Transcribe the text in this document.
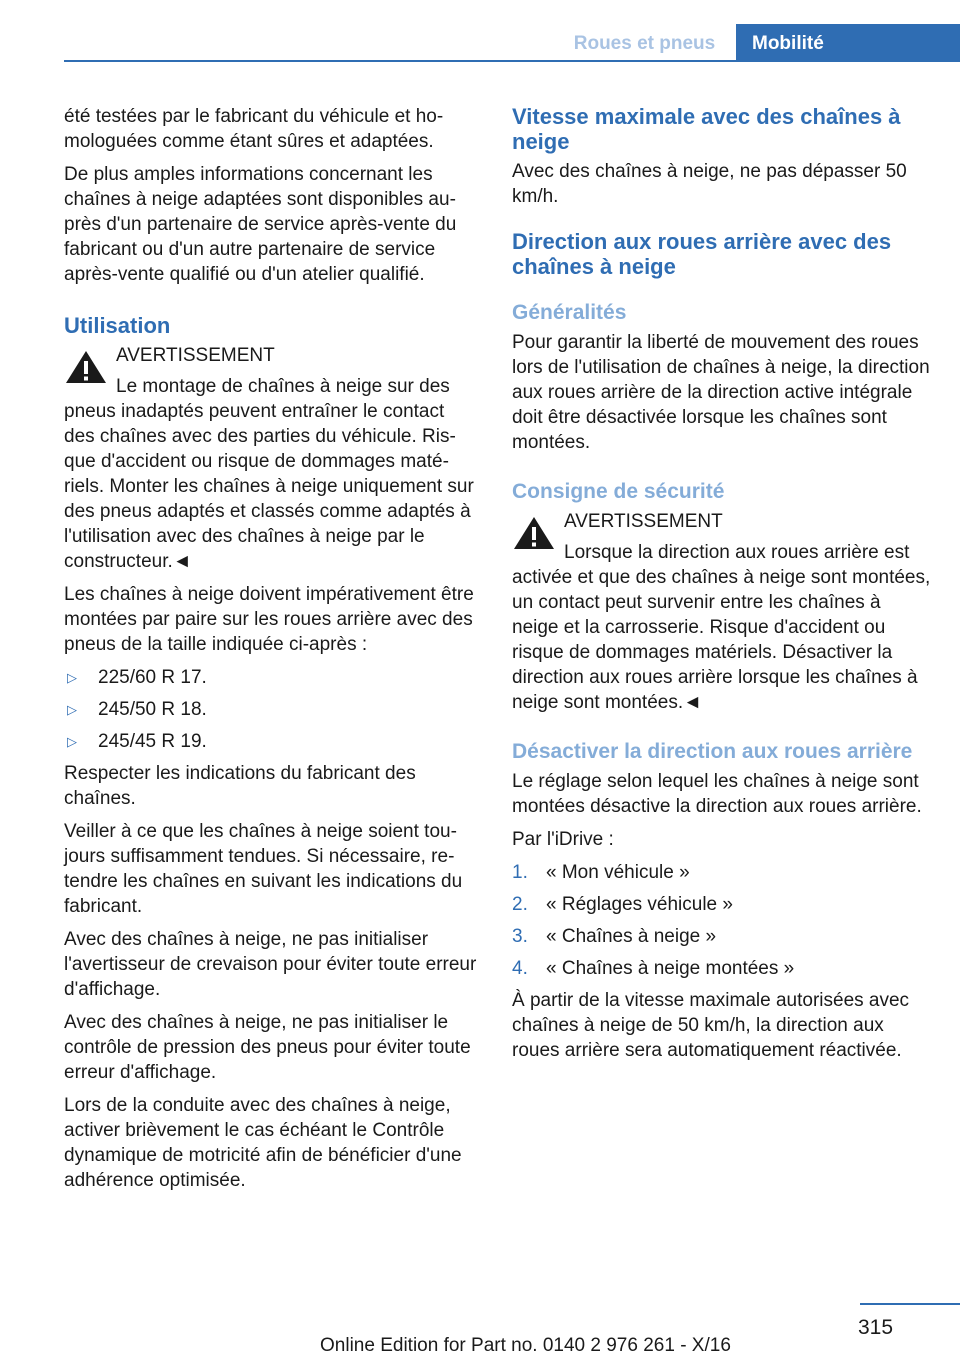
Roues et pneus	Mobilité

été testées par le fabricant du véhicule et homologuées comme étant sûres et adaptées.

De plus amples informations concernant les chaînes à neige adaptées sont disponibles auprès d'un partenaire de service après-vente du fabricant ou d'un autre partenaire de service après-vente qualifié ou d'un atelier qualifié.

Utilisation

AVERTISSEMENT

Le montage de chaînes à neige sur des pneus inadaptés peuvent entraîner le contact des chaînes avec des parties du véhicule. Risque d'accident ou risque de dommages matériels. Monter les chaînes à neige uniquement sur des pneus adaptés et classés comme adaptés à l'utilisation avec des chaînes à neige par le constructeur.◄

Les chaînes à neige doivent impérativement être montées par paire sur les roues arrière avec des pneus de la taille indiquée ci-après :

▷ 225/60 R 17.
▷ 245/50 R 18.
▷ 245/45 R 19.

Respecter les indications du fabricant des chaînes.

Veiller à ce que les chaînes à neige soient toujours suffisamment tendues. Si nécessaire, retendre les chaînes en suivant les indications du fabricant.

Avec des chaînes à neige, ne pas initialiser l'avertisseur de crevaison pour éviter toute erreur d'affichage.

Avec des chaînes à neige, ne pas initialiser le contrôle de pression des pneus pour éviter toute erreur d'affichage.

Lors de la conduite avec des chaînes à neige, activer brièvement le cas échéant le Contrôle dynamique de motricité afin de bénéficier d'une adhérence optimisée.

Vitesse maximale avec des chaînes à neige

Avec des chaînes à neige, ne pas dépasser 50 km/h.

Direction aux roues arrière avec des chaînes à neige
Généralités

Pour garantir la liberté de mouvement des roues lors de l'utilisation de chaînes à neige, la direction aux roues arrière de la direction active intégrale doit être désactivée lorsque les chaînes sont montées.

Consigne de sécurité

AVERTISSEMENT

Lorsque la direction aux roues arrière est activée et que des chaînes à neige sont montées, un contact peut survenir entre les chaînes à neige et la carrosserie. Risque d'accident ou risque de dommages matériels. Désactiver la direction aux roues arrière lorsque les chaînes à neige sont montées.◄

Désactiver la direction aux roues arrière

Le réglage selon lequel les chaînes à neige sont montées désactive la direction aux roues arrière.

Par l'iDrive :

1. « Mon véhicule »
2. « Réglages véhicule »
3. « Chaînes à neige »
4. « Chaînes à neige montées »

À partir de la vitesse maximale autorisées avec chaînes à neige de 50 km/h, la direction aux roues arrière sera automatiquement réactivée.

315
Online Edition for Part no. 0140 2 976 261 - X/16
